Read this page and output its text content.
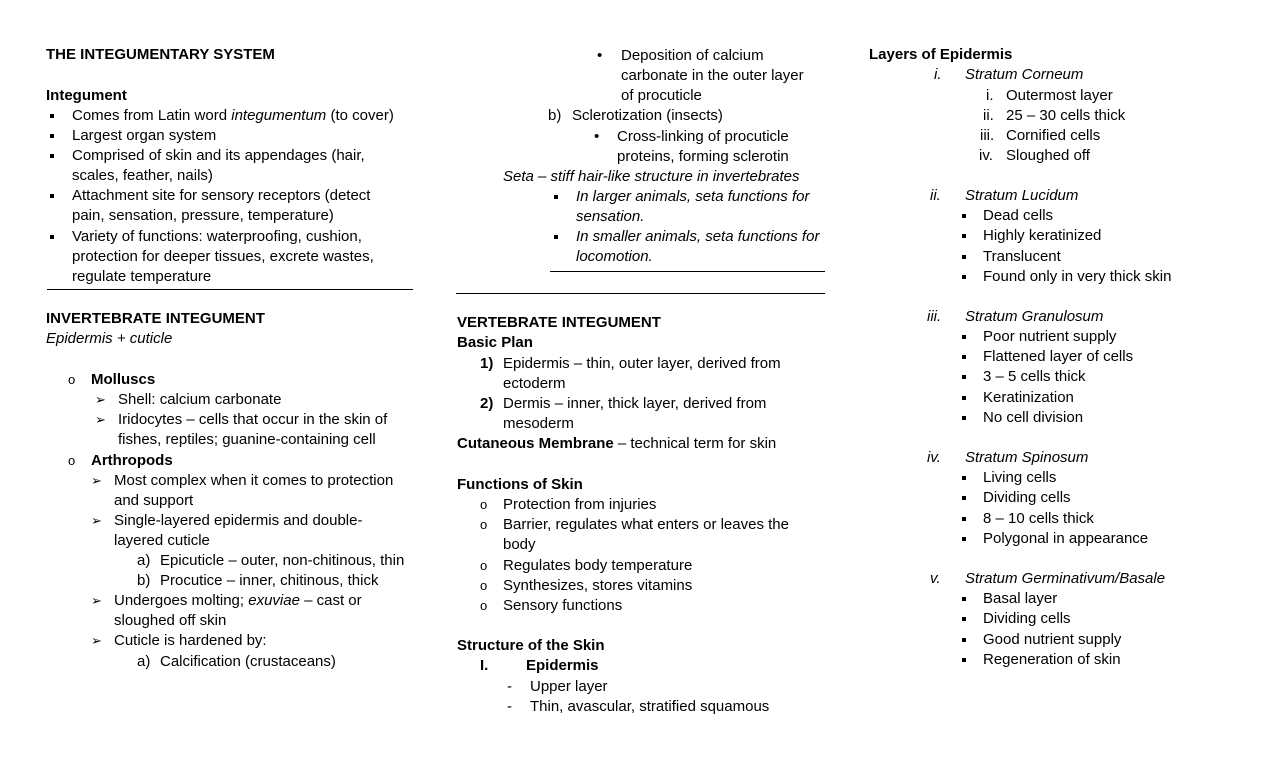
THE INTEGUMENTARY SYSTEM
Integument
Comes from Latin word integumentum (to cover)
Largest organ system
Comprised of skin and its appendages (hair,
scales, feather, nails)
Attachment site for sensory receptors (detect
pain, sensation, pressure, temperature)
Variety of functions: waterproofing, cushion,
protection for deeper tissues, excrete wastes,
regulate temperature
INVERTEBRATE INTEGUMENT
Epidermis + cuticle
o Molluscs
➢ Shell: calcium carbonate
➢ Iridocytes – cells that occur in the skin of
fishes, reptiles; guanine-containing cell
o Arthropods
➢ Most complex when it comes to protection
and support
➢ Single-layered epidermis and double-
layered cuticle
a) Epicuticle – outer, non-chitinous, thin
b) Procutice – inner, chitinous, thick
➢ Undergoes molting; exuviae – cast or
sloughed off skin
➢ Cuticle is hardened by:
a) Calcification (crustaceans)
• Deposition of calcium
carbonate in the outer layer
of procuticle
b) Sclerotization (insects)
• Cross-linking of procuticle
proteins, forming sclerotin
Seta – stiff hair-like structure in invertebrates
In larger animals, seta functions for
sensation.
In smaller animals, seta functions for
locomotion.
VERTEBRATE INTEGUMENT
Basic Plan
1) Epidermis – thin, outer layer, derived from
ectoderm
2) Dermis – inner, thick layer, derived from
mesoderm
Cutaneous Membrane – technical term for skin
Functions of Skin
o Protection from injuries
o Barrier, regulates what enters or leaves the
body
o Regulates body temperature
o Synthesizes, stores vitamins
o Sensory functions
Structure of the Skin
I.	Epidermis
- Upper layer
- Thin, avascular, stratified squamous
Layers of Epidermis
i. Stratum Corneum
i. Outermost layer
ii. 25 – 30 cells thick
iii. Cornified cells
iv. Sloughed off
ii. Stratum Lucidum
Dead cells
Highly keratinized
Translucent
Found only in very thick skin
iii. Stratum Granulosum
Poor nutrient supply
Flattened layer of cells
3 – 5 cells thick
Keratinization
No cell division
iv. Stratum Spinosum
Living cells
Dividing cells
8 – 10 cells thick
Polygonal in appearance
v. Stratum Germinativum/Basale
Basal layer
Dividing cells
Good nutrient supply
Regeneration of skin
